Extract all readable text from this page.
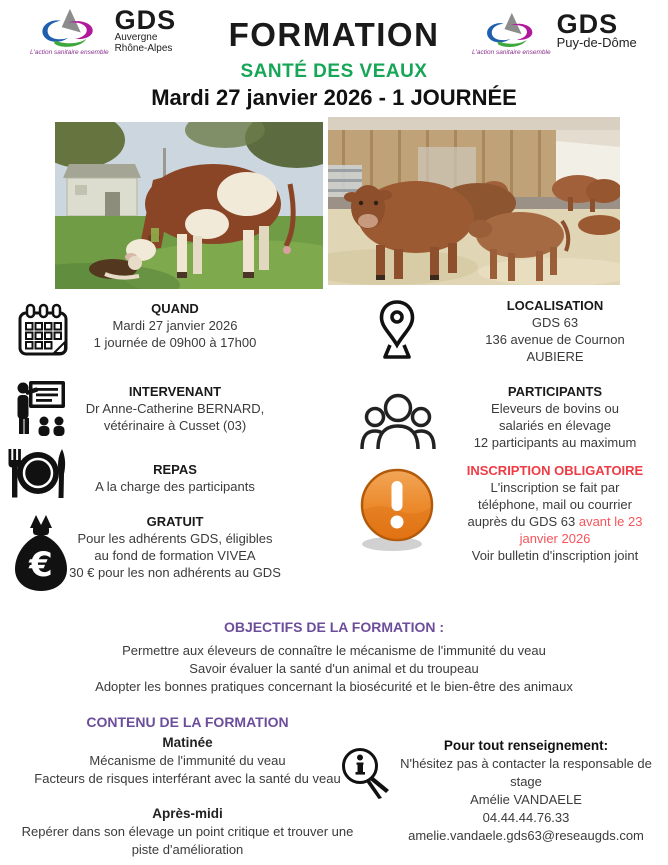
L'action sanitaire ensemble
GDS
Auvergne
Rhône-Alpes	FORMATION	L'action sanitaire ensemble
GDS
Puy-de-Dôme
SANTÉ DES VEAUX
Mardi 27 janvier 2026 - 1 JOURNÉE
QUAND
Mardi 27 janvier 2026
1 journée de 09h00 à 17h00
INTERVENANT
Dr Anne-Catherine BERNARD,
vétérinaire à Cusset (03)
REPAS
A la charge des participants
€
GRATUIT
Pour les adhérents GDS, éligibles
au fond de formation VIVEA
30 € pour les non adhérents au GDS
LOCALISATION
GDS 63
136 avenue de Cournon
AUBIERE
PARTICIPANTS
Eleveurs de bovins ou
salariés en élevage
12 participants au maximum
INSCRIPTION OBLIGATOIRE
L'inscription se fait par
téléphone, mail ou courrier
auprès du GDS 63 avant le 23
janvier 2026
Voir bulletin d'inscription joint
OBJECTIFS DE LA FORMATION :
Permettre aux éleveurs de connaître le mécanisme de l'immunité du veau
Savoir évaluer la santé d'un animal et du troupeau
Adopter les bonnes pratiques concernant la biosécurité et le bien-être des animaux
CONTENU DE LA FORMATION
Matinée
Mécanisme de l'immunité du veau
Facteurs de risques interférant avec la santé du veau
Après-midi
Repérer dans son élevage un point critique et trouver une
piste d'amélioration
Pour tout renseignement:
N'hésitez pas à contacter la responsable de stage
Amélie VANDAELE
04.44.44.76.33
amelie.vandaele.gds63@reseaugds.com
